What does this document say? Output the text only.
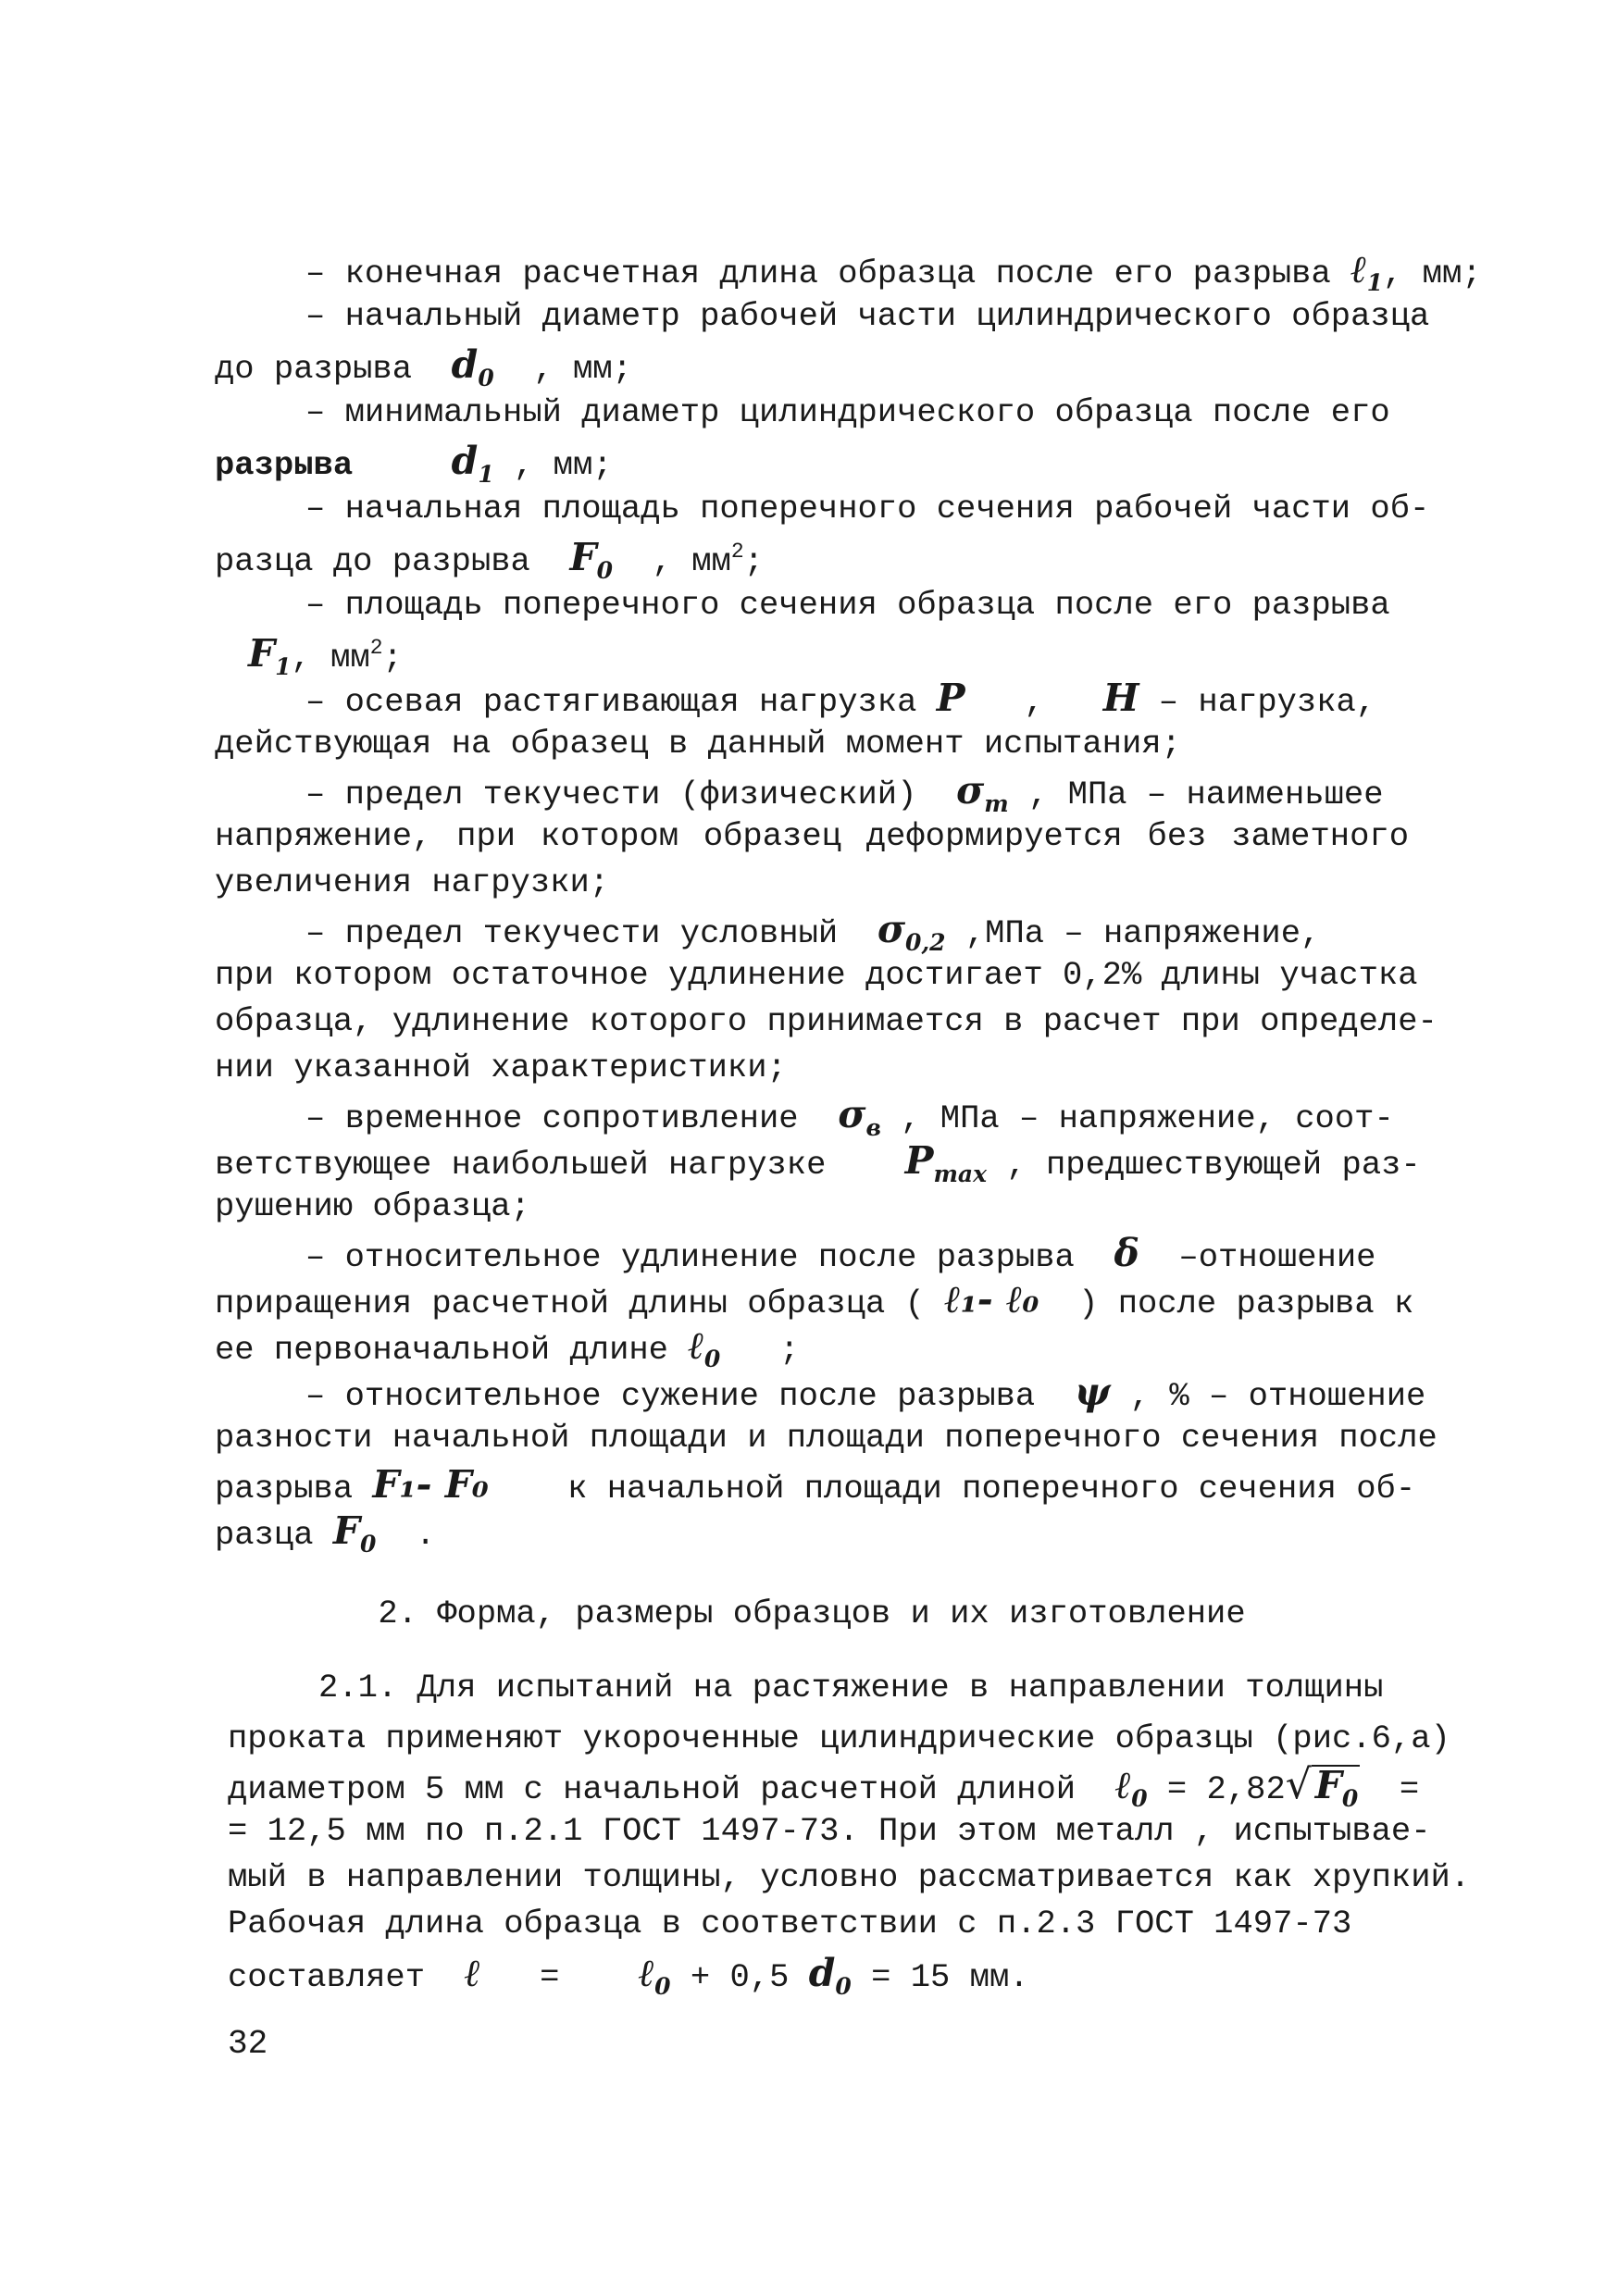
– конечная расчетная длина образца после его разрыва ℓ$_1$, мм;
– начальный диаметр рабочей части цилиндрического образца
до разрыва $d_0$ , мм;
– минимальный диаметр цилиндрического образца после его
разрыва	$d_1$ , мм;
– начальная площадь поперечного сечения рабочей части об-
разца до разрыва $F_0$ , $мм^2$;
– площадь поперечного сечения образца после его разрыва
$F_1$, $мм^2$;
– осевая растягивающая нагрузка P , H – нагрузка,
действующая на образец в данный момент испытания;
– предел текучести (физический) $\sigma_т$ , МПа – наименьшее
напряжение, при котором образец деформируется без заметного
увеличения нагрузки;
– предел текучести условный $\sigma_{0,2}$ ,МПа – напряжение,
при котором остаточное удлинение достигает 0,2% длины участка
образца, удлинение которого принимается в расчет при определе-
нии указанной характеристики;
– временное сопротивление $\sigma_в$ , МПа – напряжение, соот-
ветствующее наибольшей нагрузке $P_{max}$ , предшествующей раз-
рушению образца;
– относительное удлинение после разрыва δ –отношение
приращения расчетной длины образца ( ℓ₁- ℓ₀ ) после разрыва к
ее первоначальной длине ℓ$_0$ ;
– относительное сужение после разрыва ψ , % – отношение
разности начальной площади и площади поперечного сечения после
разрыва F₁- F₀ к начальной площади поперечного сечения об-
разца $F_0$ .
2. Форма, размеры образцов и их изготовление
2.1. Для испытаний на растяжение в направлении толщины
проката применяют укороченные цилиндрические образцы (рис.6,а)
диаметром 5 мм с начальной расчетной длиной ℓ$_0$ = $2,82√F_0$ =
= 12,5 мм по п.2.1 ГОСТ 1497-73. При этом металл , испытывае-
мый в направлении толщины, условно рассматривается как хрупкий.
Рабочая длина образца в соответствии с п.2.3 ГОСТ 1497-73
составляет ℓ = ℓ$_0$ + 0,5 $d_0 = 15$ мм.
32
